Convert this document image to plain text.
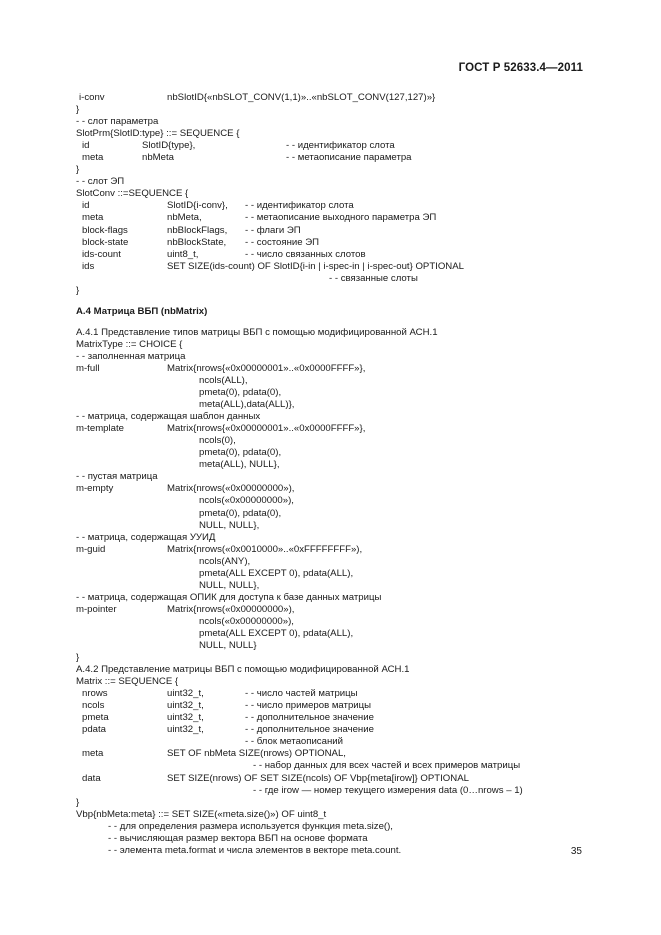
ГОСТ Р 52633.4—2011
i-conv	nbSlotID{«nbSLOT_CONV(1,1)»..«nbSLOT_CONV(127,127)»}
}
- - слот параметра
SlotPrm{SlotID:type} ::= SEQUENCE {
id	SlotID{type},	- - идентификатор слота
meta	nbMeta	- - метаописание параметра
}
- - слот ЭП
SlotConv ::=SEQUENCE {
id	SlotID{i-conv}, - - идентификатор слота
meta	nbMeta,	- - метаописание выходного параметра ЭП
block-flags	nbBlockFlags, - - флаги ЭП
block-state	nbBlockState, - - состояние ЭП
ids-count	uint8_t,	- - число связанных слотов
ids	SET SIZE(ids-count) OF SlotID{i-in | i-spec-in | i-spec-out} OPTIONAL
- - связанные слоты
}
А.4 Матрица ВБП (nbMatrix)
А.4.1 Представление типов матрицы ВБП с помощью модифицированной АСН.1
MatrixType ::= CHOICE {
- - заполненная матрица
m-full	Matrix{nrows{«0x00000001»..«0x0000FFFF»},
ncols(ALL),
pmeta(0), pdata(0),
meta(ALL),data(ALL)},
- - матрица, содержащая шаблон данных
m-template	Matrix{nrows{«0x00000001»..«0x0000FFFF»},
ncols(0),
pmeta(0), pdata(0),
meta(ALL), NULL},
- - пустая матрица
m-empty	Matrix{nrows(«0x00000000»),
ncols(«0x00000000»),
pmeta(0), pdata(0),
NULL, NULL},
- - матрица, содержащая УУИД
m-guid	Matrix{nrows(«0x0010000»..«0xFFFFFFFF»),
ncols(ANY),
pmeta(ALL EXCEPT 0), pdata(ALL),
NULL, NULL},
- - матрица, содержащая ОПИК для доступа к базе данных матрицы
m-pointer	Matrix{nrows(«0x00000000»),
ncols(«0x00000000»),
pmeta(ALL EXCEPT 0), pdata(ALL),
NULL, NULL}
}
А.4.2 Представление матрицы ВБП с помощью модифицированной АСН.1
Matrix ::= SEQUENCE {
nrows	uint32_t,	- - число частей матрицы
ncols	uint32_t,	- - число примеров матрицы
pmeta	uint32_t,	- - дополнительное значение
pdata	uint32_t,	- - дополнительное значение
- - блок метаописаний
meta	SET OF nbMeta SIZE(nrows) OPTIONAL,
- - набор данных для всех частей и всех примеров матрицы
data	SET SIZE(nrows) OF SET SIZE(ncols) OF Vbp{meta[irow]} OPTIONAL
- - где irow — номер текущего измерения data (0…nrows – 1)
}
Vbp{nbMeta:meta} ::= SET SIZE(«meta.size()») OF uint8_t
- - для определения размера используется функция meta.size(),
- - вычисляющая размер вектора ВБП на основе формата
- - элемента meta.format и числа элементов в векторе meta.count.	35
